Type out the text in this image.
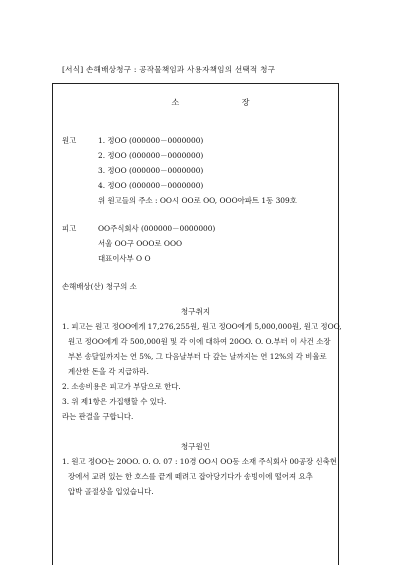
[서식] 손해배상청구 : 공작물책임과 사용자책임의 선택적 청구
소 장
원고	1. 정OO (000000－0000000)
2. 정OO (000000－0000000)
3. 정OO (000000－0000000)
4. 정OO (000000－0000000)
위 원고들의 주소 : OO시 OO로 OO, OOO아파트 1동 309호
피고	OO주식회사 (000000－0000000)
서울 OO구 OOO로 OOO
대표이사부 O O
손해배상(산) 청구의 소
청구취지
1. 피고는 원고 정OO에게 17,276,255원, 원고 정OO에게 5,000,000원, 원고 정OO,
원고 정OO에게 각 500,000원 및 각 이에 대하여 20OO. O. O.부터 이 사건 소장
부본 송달일까지는 연 5%, 그 다음날부터 다 갚는 날까지는 연 12%의 각 비율로
계산한 돈을 각 지급하라.
2. 소송비용은 피고가 부담으로 한다.
3. 위 제1항은 가집행할 수 있다.
라는 판결을 구합니다.
청구원인
1. 원고 정OO는 20OO. O. O. 07 : 10경 OO시 OO동 소재 주식회사 00공장 신축현
장에서 교려 있는 한 호스를 끝게 떼려고 잡아당기다가 송빙이에 떨어져 요추
압박 골절상을 입었습니다.
